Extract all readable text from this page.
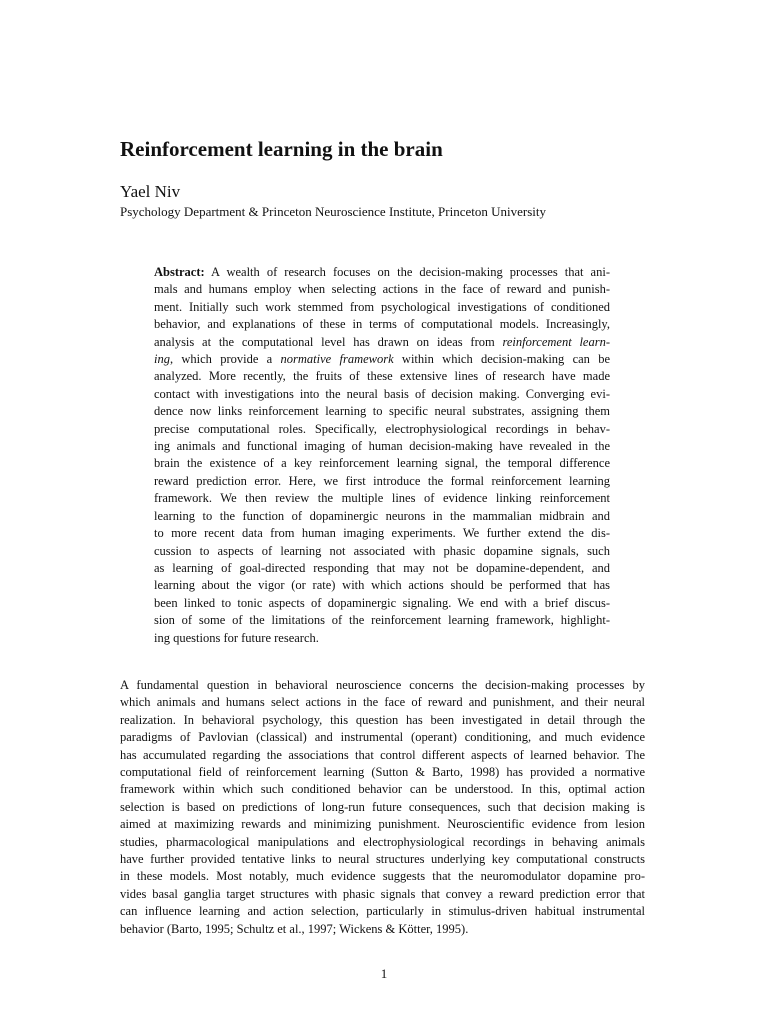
Reinforcement learning in the brain
Yael Niv
Psychology Department & Princeton Neuroscience Institute, Princeton University
Abstract: A wealth of research focuses on the decision-making processes that ani-
mals and humans employ when selecting actions in the face of reward and punish-
ment. Initially such work stemmed from psychological investigations of conditioned
behavior, and explanations of these in terms of computational models. Increasingly,
analysis at the computational level has drawn on ideas from reinforcement learn-
ing, which provide a normative framework within which decision-making can be
analyzed. More recently, the fruits of these extensive lines of research have made
contact with investigations into the neural basis of decision making. Converging evi-
dence now links reinforcement learning to specific neural substrates, assigning them
precise computational roles. Specifically, electrophysiological recordings in behav-
ing animals and functional imaging of human decision-making have revealed in the
brain the existence of a key reinforcement learning signal, the temporal difference
reward prediction error. Here, we first introduce the formal reinforcement learning
framework. We then review the multiple lines of evidence linking reinforcement
learning to the function of dopaminergic neurons in the mammalian midbrain and
to more recent data from human imaging experiments. We further extend the dis-
cussion to aspects of learning not associated with phasic dopamine signals, such
as learning of goal-directed responding that may not be dopamine-dependent, and
learning about the vigor (or rate) with which actions should be performed that has
been linked to tonic aspects of dopaminergic signaling. We end with a brief discus-
sion of some of the limitations of the reinforcement learning framework, highlight-
ing questions for future research.
A fundamental question in behavioral neuroscience concerns the decision-making processes by
which animals and humans select actions in the face of reward and punishment, and their neural
realization. In behavioral psychology, this question has been investigated in detail through the
paradigms of Pavlovian (classical) and instrumental (operant) conditioning, and much evidence
has accumulated regarding the associations that control different aspects of learned behavior. The
computational field of reinforcement learning (Sutton & Barto, 1998) has provided a normative
framework within which such conditioned behavior can be understood. In this, optimal action
selection is based on predictions of long-run future consequences, such that decision making is
aimed at maximizing rewards and minimizing punishment. Neuroscientific evidence from lesion
studies, pharmacological manipulations and electrophysiological recordings in behaving animals
have further provided tentative links to neural structures underlying key computational constructs
in these models. Most notably, much evidence suggests that the neuromodulator dopamine pro-
vides basal ganglia target structures with phasic signals that convey a reward prediction error that
can influence learning and action selection, particularly in stimulus-driven habitual instrumental
behavior (Barto, 1995; Schultz et al., 1997; Wickens & Kötter, 1995).
1
